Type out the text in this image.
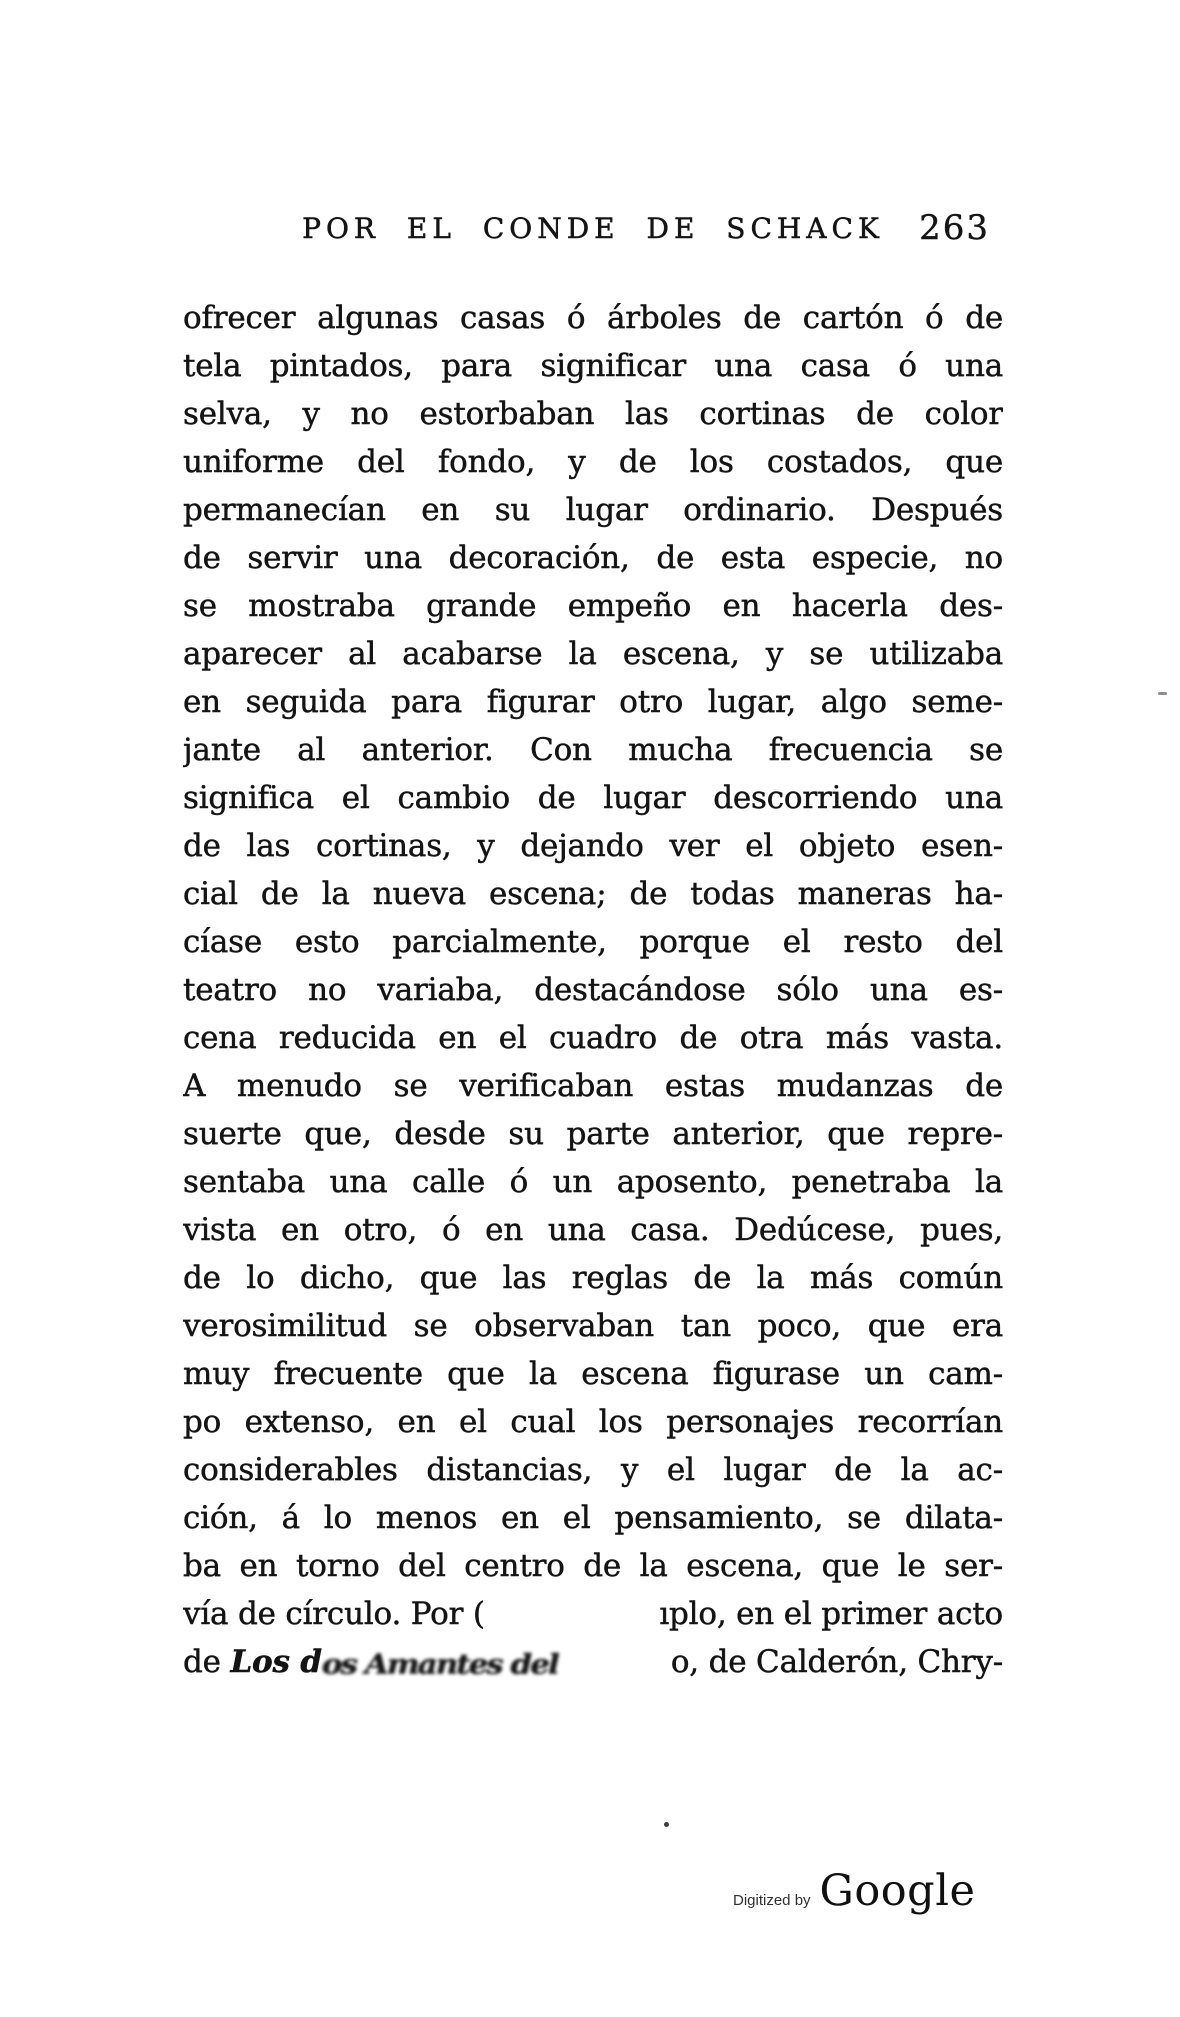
POR EL CONDE DE SCHACK	263
ofrecer algunas casas ó árboles de cartón ó de
tela pintados, para significar una casa ó una
selva, y no estorbaban las cortinas de color
uniforme del fondo, y de los costados, que
permanecían en su lugar ordinario. Después
de servir una decoración, de esta especie, no
se mostraba grande empeño en hacerla des-
aparecer al acabarse la escena, y se utilizaba
en seguida para figurar otro lugar, algo seme-
jante al anterior. Con mucha frecuencia se
significa el cambio de lugar descorriendo una
de las cortinas, y dejando ver el objeto esen-
cial de la nueva escena; de todas maneras ha-
cíase esto parcialmente, porque el resto del
teatro no variaba, destacándose sólo una es-
cena reducida en el cuadro de otra más vasta.
A menudo se verificaban estas mudanzas de
suerte que, desde su parte anterior, que repre-
sentaba una calle ó un aposento, penetraba la
vista en otro, ó en una casa. Dedúcese, pues,
de lo dicho, que las reglas de la más común
verosimilitud se observaban tan poco, que era
muy frecuente que la escena figurase un cam-
po extenso, en el cual los personajes recorrían
considerables distancias, y el lugar de la ac-
ción, á lo menos en el pensamiento, se dilata-
ba en torno del centro de la escena, que le ser-
vía de círculo. Por (	ıplo, en el primer acto
de Los d os Amantes del	o, de Calderón, Chry-
Digitized by Google
